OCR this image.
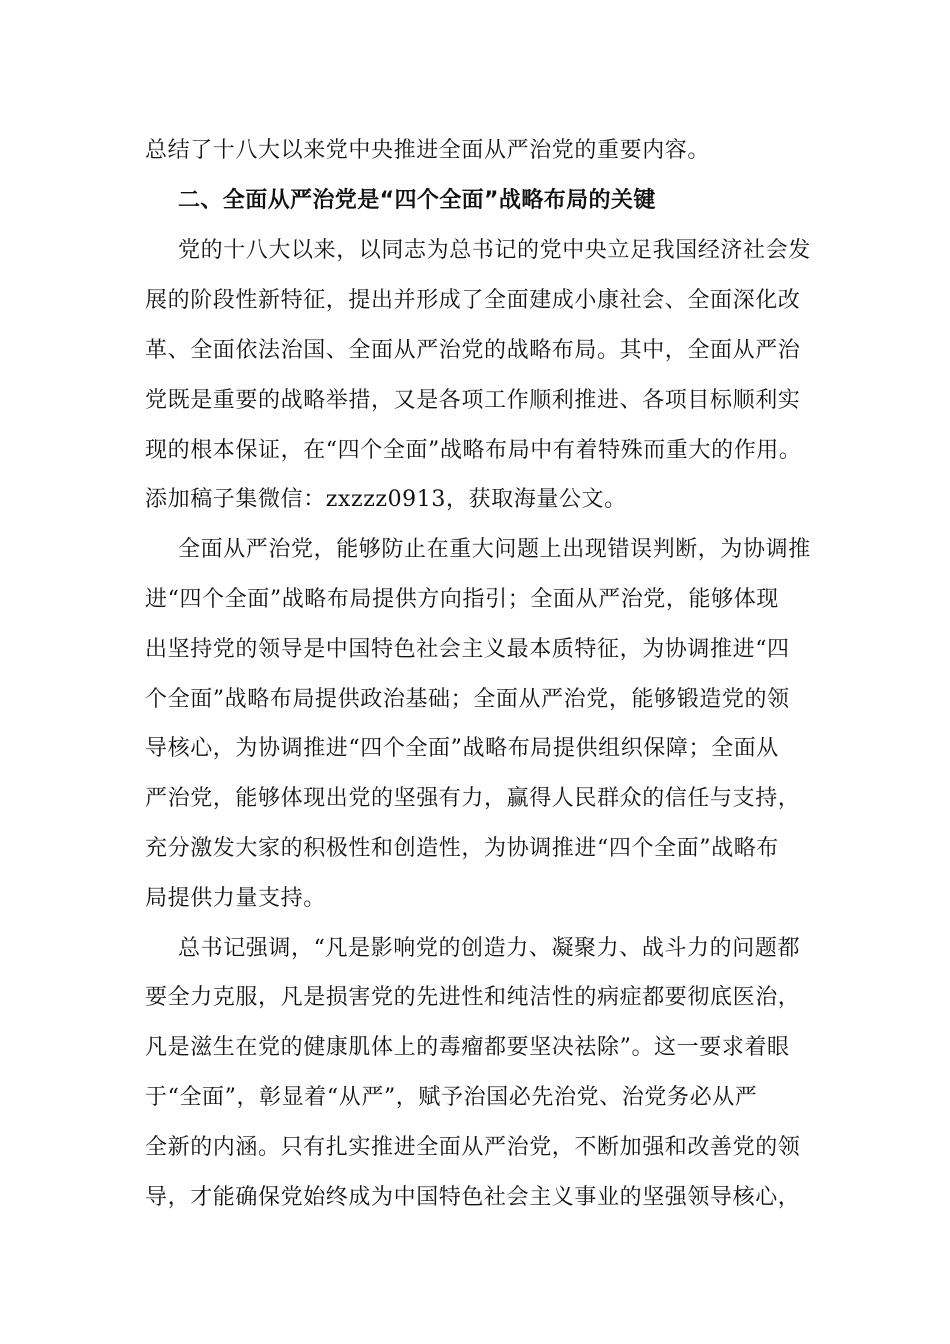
总结了十八大以来党中央推进全面从严治党的重要内容。
二、全面从严治党是“四个全面”战略布局的关键
党的十八大以来，以同志为总书记的党中央立足我国经济社会发
展的阶段性新特征，提出并形成了全面建成小康社会、全面深化改
革、全面依法治国、全面从严治党的战略布局。其中，全面从严治
党既是重要的战略举措，又是各项工作顺利推进、各项目标顺利实
现的根本保证，在“四个全面”战略布局中有着特殊而重大的作用。
添加稿子集微信：zxzzz0913，获取海量公文。
全面从严治党，能够防止在重大问题上出现错误判断，为协调推
进“四个全面”战略布局提供方向指引；全面从严治党，能够体现
出坚持党的领导是中国特色社会主义最本质特征，为协调推进“四
个全面”战略布局提供政治基础；全面从严治党，能够锻造党的领
导核心，为协调推进“四个全面”战略布局提供组织保障；全面从
严治党，能够体现出党的坚强有力，赢得人民群众的信任与支持，
充分激发大家的积极性和创造性，为协调推进“四个全面”战略布
局提供力量支持。
总书记强调，“凡是影响党的创造力、凝聚力、战斗力的问题都
要全力克服，凡是损害党的先进性和纯洁性的病症都要彻底医治，
凡是滋生在党的健康肌体上的毒瘤都要坚决祛除”。这一要求着眼
于“全面”，彰显着“从严”，赋予治国必先治党、治党务必从严
全新的内涵。只有扎实推进全面从严治党，不断加强和改善党的领
导，才能确保党始终成为中国特色社会主义事业的坚强领导核心，
